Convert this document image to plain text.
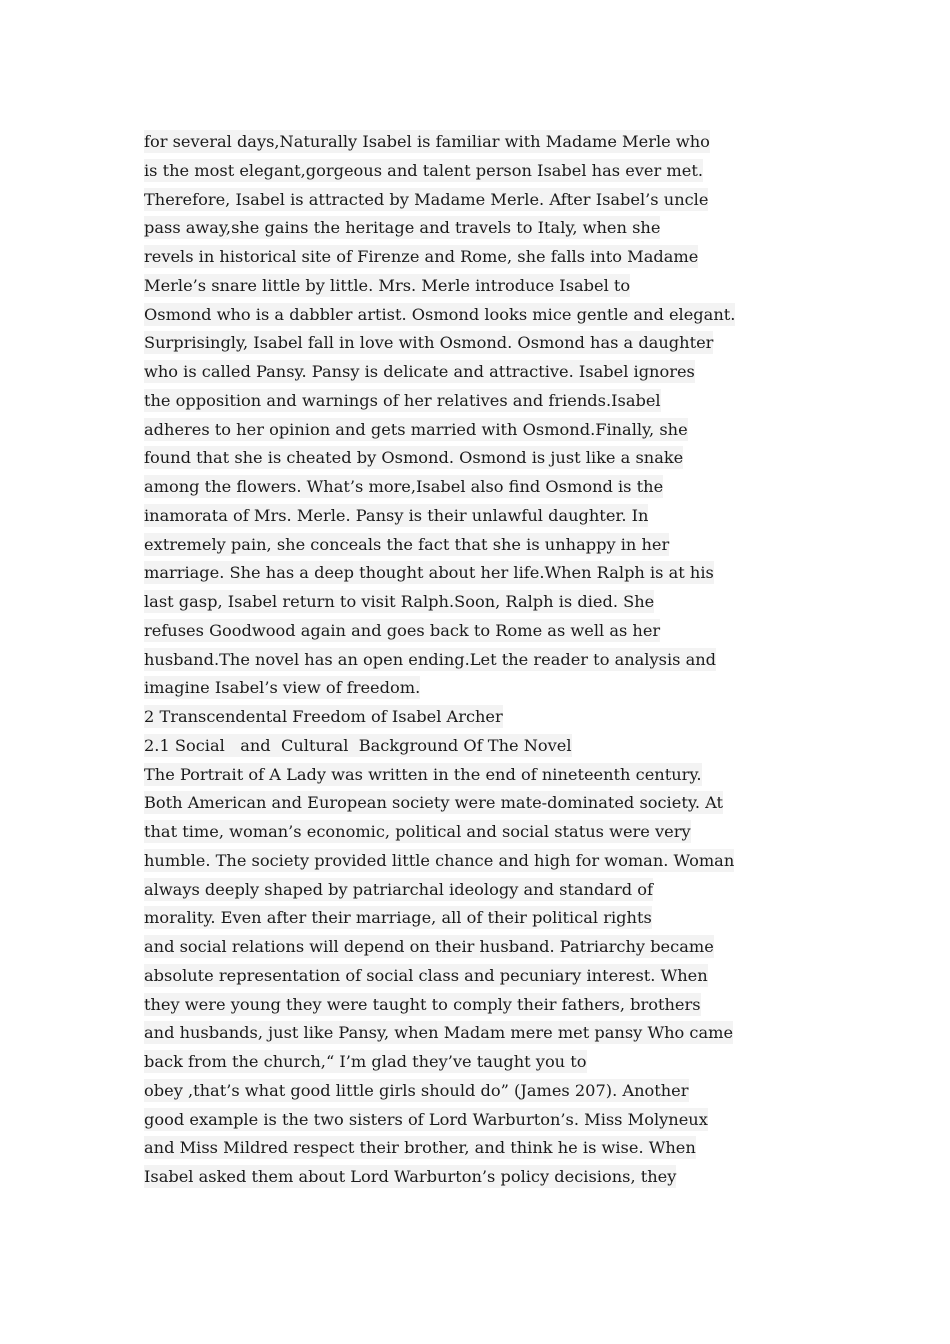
for several days,Naturally Isabel is familiar with Madame Merle who
is the most elegant,gorgeous and talent person Isabel has ever met.
Therefore, Isabel is attracted by Madame Merle. After Isabel’s uncle
pass away,she gains the heritage and travels to Italy, when she
revels in historical site of Firenze and Rome, she falls into Madame
Merle’s snare little by little. Mrs. Merle introduce Isabel to
Osmond who is a dabbler artist. Osmond looks mice gentle and elegant.
Surprisingly, Isabel fall in love with Osmond. Osmond has a daughter
who is called Pansy. Pansy is delicate and attractive. Isabel ignores
the opposition and warnings of her relatives and friends.Isabel
adheres to her opinion and gets married with Osmond.Finally, she
found that she is cheated by Osmond. Osmond is just like a snake
among the flowers. What’s more,Isabel also find Osmond is the
inamorata of Mrs. Merle. Pansy is their unlawful daughter. In
extremely pain, she conceals the fact that she is unhappy in her
marriage. She has a deep thought about her life.When Ralph is at his
last gasp, Isabel return to visit Ralph.Soon, Ralph is died. She
refuses Goodwood again and goes back to Rome as well as her
husband.The novel has an open ending.Let the reader to analysis and
imagine Isabel’s view of freedom.
2 Transcendental Freedom of Isabel Archer
2.1 Social   and  Cultural  Background Of The Novel
The Portrait of A Lady was written in the end of nineteenth century.
Both American and European society were mate-dominated society. At
that time, woman’s economic, political and social status were very
humble. The society provided little chance and high for woman. Woman
always deeply shaped by patriarchal ideology and standard of
morality. Even after their marriage, all of their political rights
and social relations will depend on their husband. Patriarchy became
absolute representation of social class and pecuniary interest. When
they were young they were taught to comply their fathers, brothers
and husbands, just like Pansy, when Madam mere met pansy Who came
back from the church,“ I’m glad they’ve taught you to
obey ,that’s what good little girls should do” (James 207). Another
good example is the two sisters of Lord Warburton’s. Miss Molyneux
and Miss Mildred respect their brother, and think he is wise. When
Isabel asked them about Lord Warburton’s policy decisions, they
